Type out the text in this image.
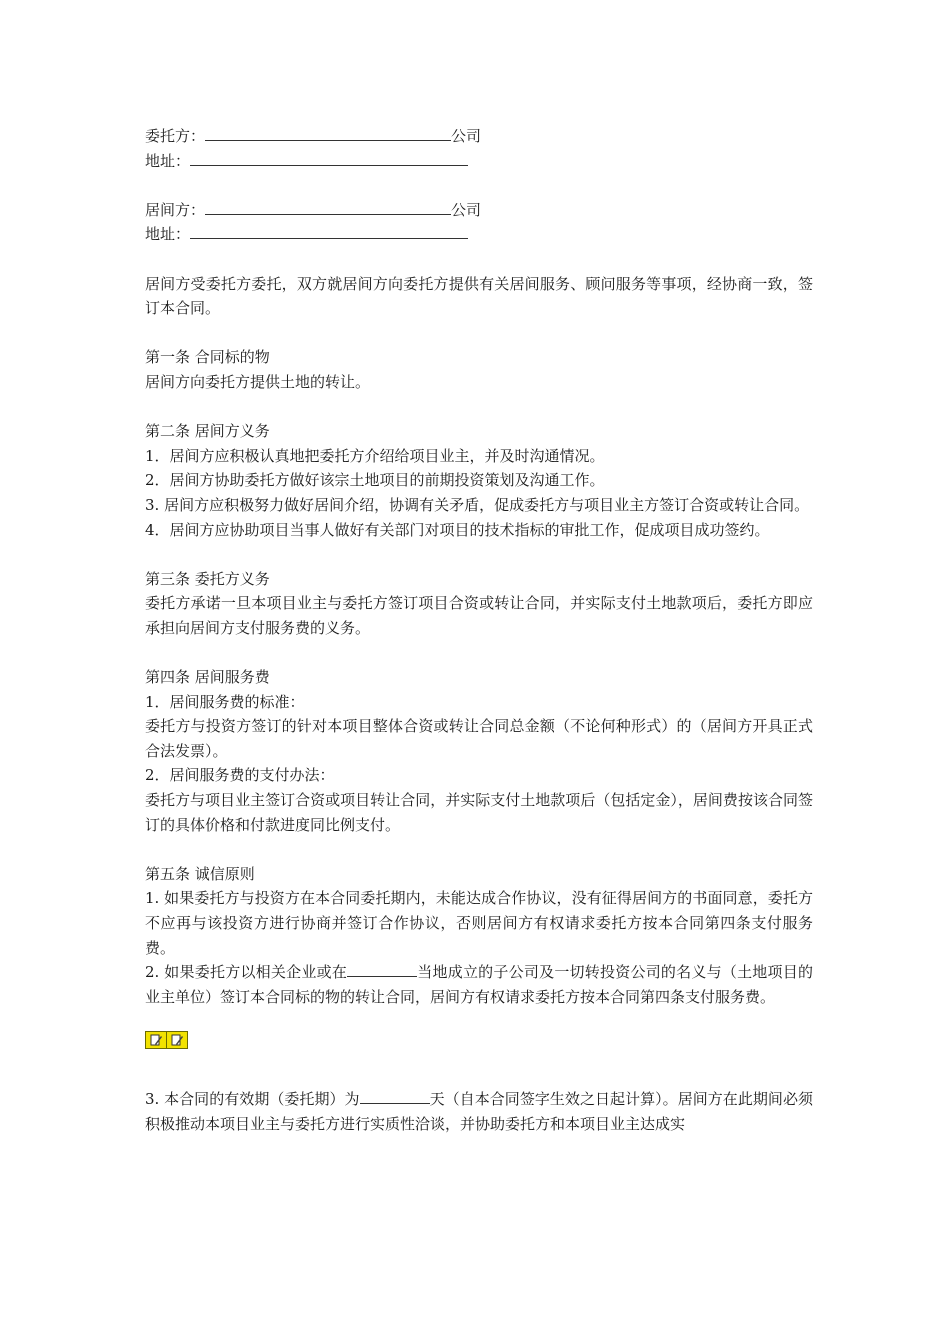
委托方：	公司
地址：
居间方：	公司
地址：
居间方受委托方委托，双方就居间方向委托方提供有关居间服务、顾问服务等事项，经协商一致，签订本合同。
第一条 合同标的物
居间方向委托方提供土地的转让。
第二条 居间方义务
1．居间方应积极认真地把委托方介绍给项目业主，并及时沟通情况。
2．居间方协助委托方做好该宗土地项目的前期投资策划及沟通工作。
3. 居间方应积极努力做好居间介绍，协调有关矛盾，促成委托方与项目业主方签订合资或转让合同。
4．居间方应协助项目当事人做好有关部门对项目的技术指标的审批工作，促成项目成功签约。
第三条 委托方义务
委托方承诺一旦本项目业主与委托方签订项目合资或转让合同，并实际支付土地款项后，委托方即应承担向居间方支付服务费的义务。
第四条 居间服务费
1．居间服务费的标准：
委托方与投资方签订的针对本项目整体合资或转让合同总金额（不论何种形式）的（居间方开具正式合法发票）。
2．居间服务费的支付办法：
委托方与项目业主签订合资或项目转让合同，并实际支付土地款项后（包括定金），居间费按该合同签订的具体价格和付款进度同比例支付。
第五条 诚信原则
1. 如果委托方与投资方在本合同委托期内，未能达成合作协议，没有征得居间方的书面同意，委托方不应再与该投资方进行协商并签订合作协议，否则居间方有权请求委托方按本合同第四条支付服务费。
2. 如果委托方以相关企业或在	当地成立的子公司及一切转投资公司的名义与（土地项目的业主单位）签订本合同标的物的转让合同，居间方有权请求委托方按本合同第四条支付服务费。
3. 本合同的有效期（委托期）为	天（自本合同签字生效之日起计算）。居间方在此期间必须积极推动本项目业主与委托方进行实质性洽谈，并协助委托方和本项目业主达成实
